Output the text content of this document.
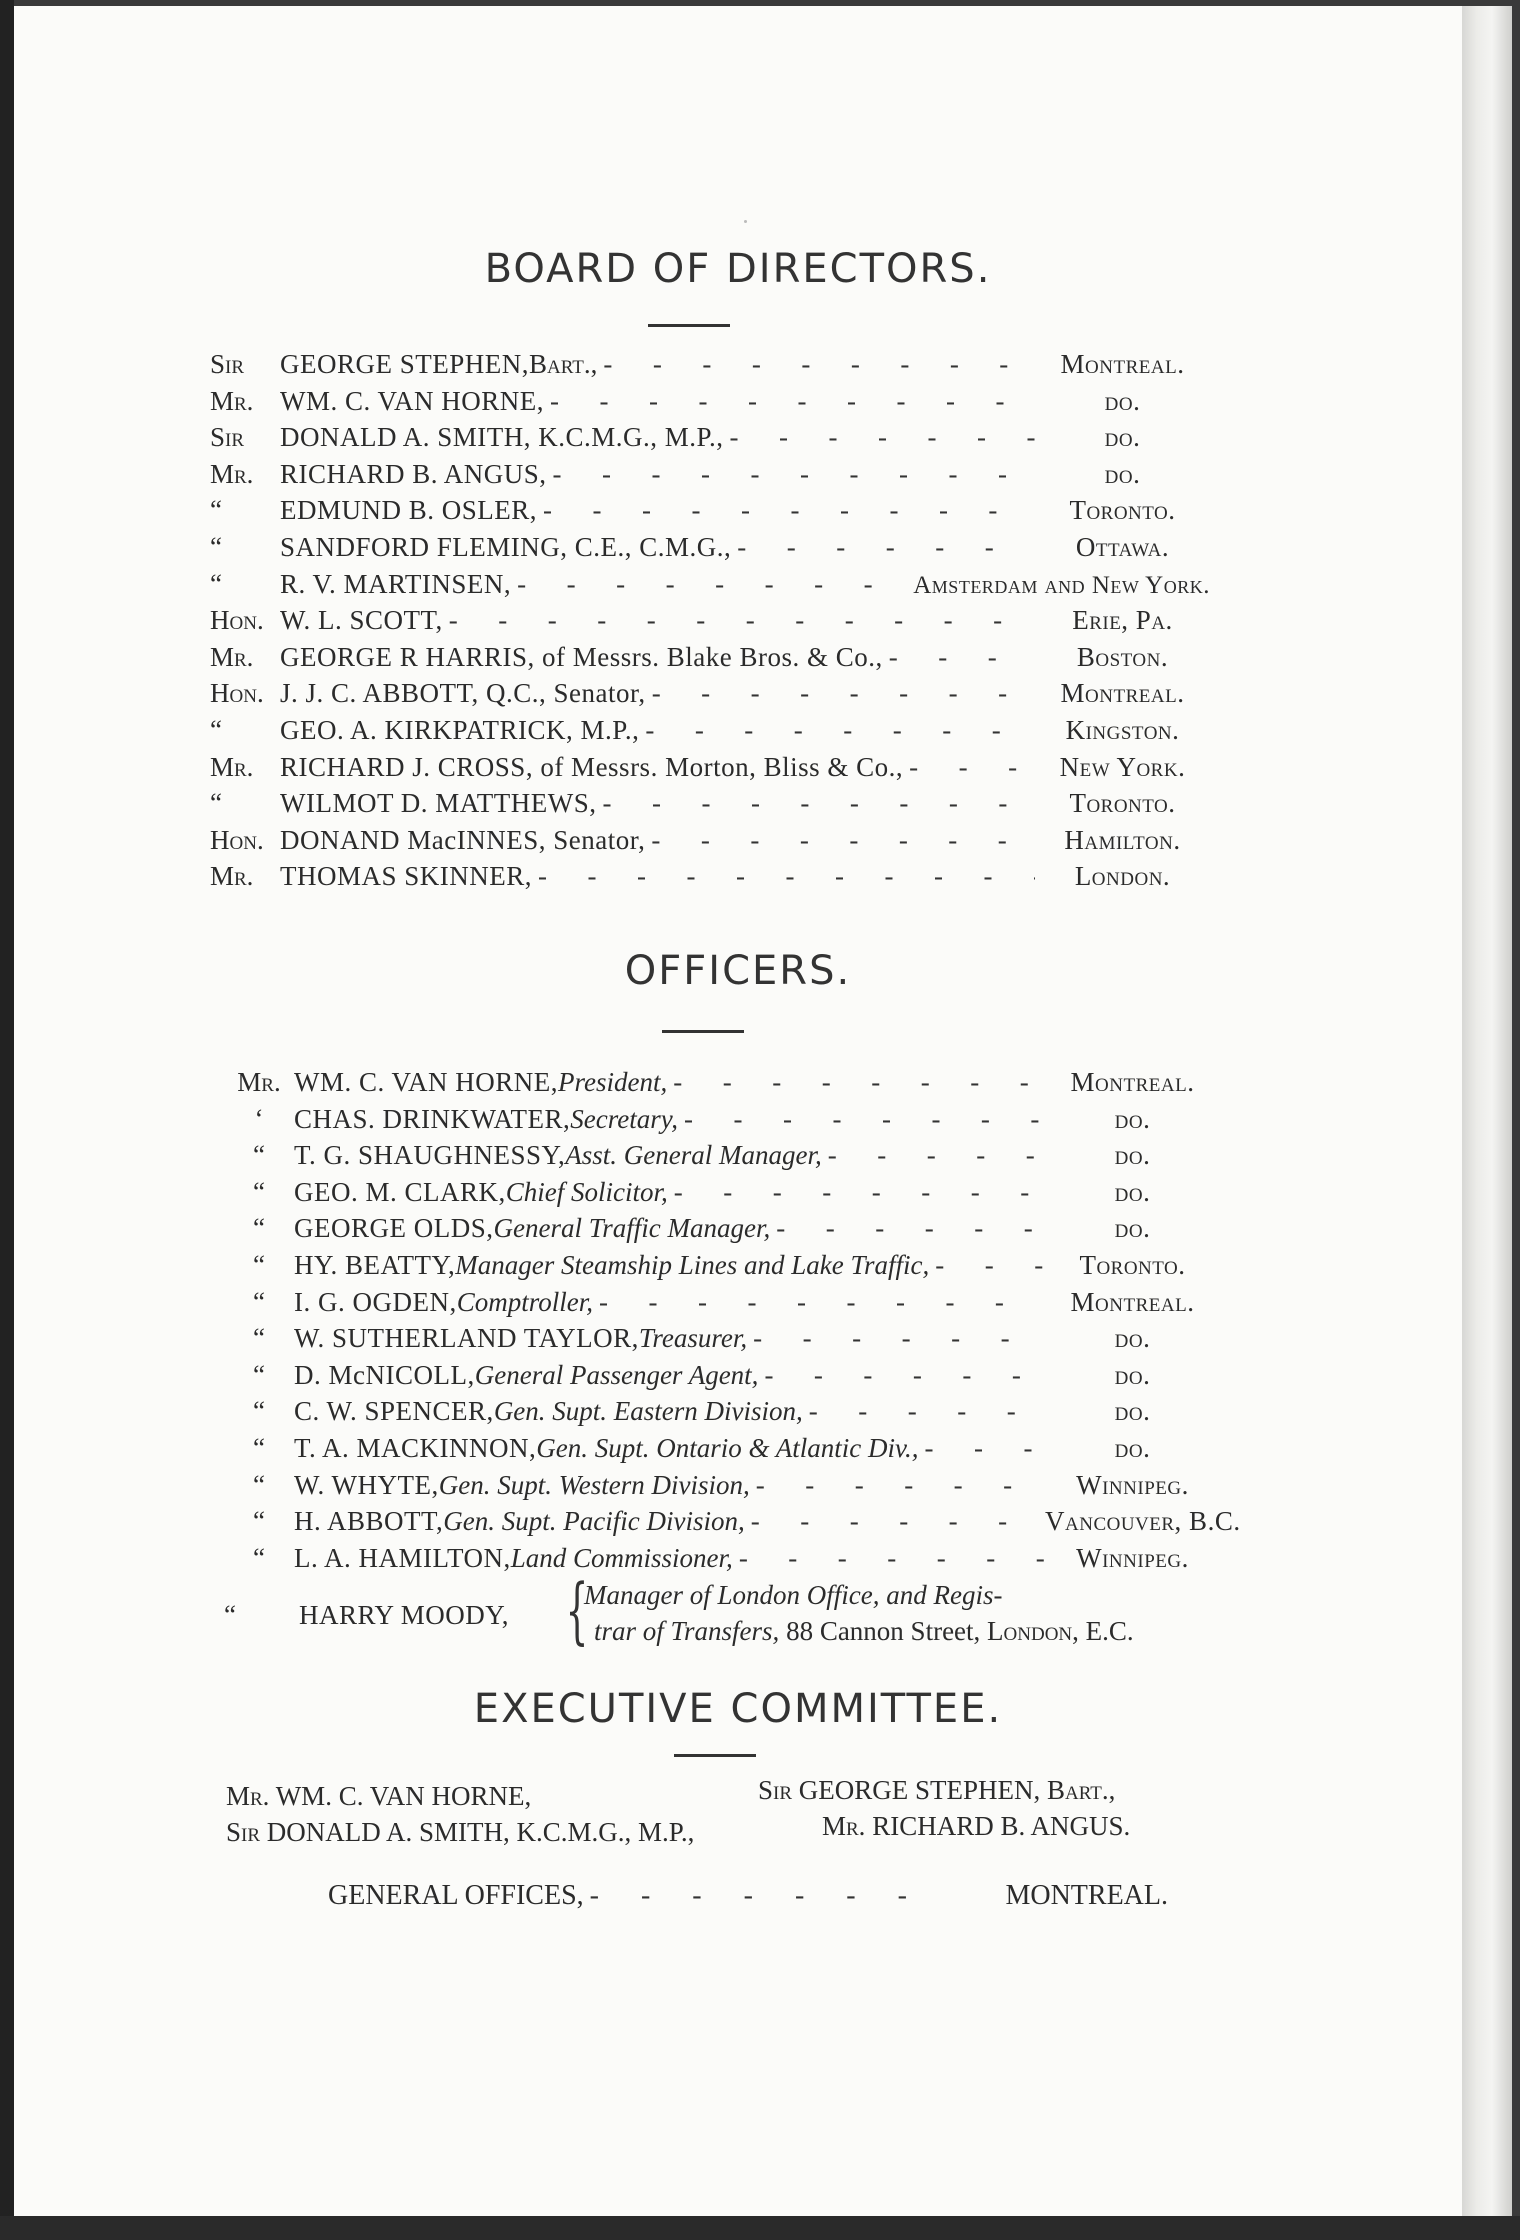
BOARD OF DIRECTORS.
Sir	GEORGE STEPHEN, Bart., -	Montreal.
Mr. WM. C. VAN HORNE, -	do.
Sir	DONALD A. SMITH, K.C.M.G., M.P., -	do.
Mr. RICHARD B. ANGUS, -	do.
“	EDMUND B. OSLER, -	Toronto.
“	SANDFORD FLEMING, C.E., C.M.G., -	Ottawa.
“	R. V. MARTINSEN, -	Amsterdam and New York.
Hon. W. L. SCOTT, -	Erie, Pa.
Mr. GEORGE R HARRIS, of Messrs. Blake Bros. & Co., -	Boston.
Hon. J. J. C. ABBOTT, Q.C., Senator, -	Montreal.
“	GEO. A. KIRKPATRICK, M.P., -	Kingston.
Mr. RICHARD J. CROSS, of Messrs. Morton, Bliss & Co., -	New York.
“	WILMOT D. MATTHEWS, -	Toronto.
Hon. DONAND MacINNES, Senator, -	Hamilton.
Mr. THOMAS SKINNER, -	London.
OFFICERS.
Mr. WM. C. VAN HORNE, President, -	Montreal.
‘	CHAS. DRINKWATER, Secretary, -	do.
“	T. G. SHAUGHNESSY, Asst. General Manager, -	do.
“	GEO. M. CLARK, Chief Solicitor, -	do.
“	GEORGE OLDS, General Traffic Manager, -	do.
“	HY. BEATTY, Manager Steamship Lines and Lake Traffic, -	Toronto.
“	I. G. OGDEN, Comptroller, -	Montreal.
“	W. SUTHERLAND TAYLOR, Treasurer, -	do.
“	D. McNICOLL, General Passenger Agent, -	do.
“	C. W. SPENCER, Gen. Supt. Eastern Division, -	do.
“	T. A. MACKINNON, Gen. Supt. Ontario & Atlantic Div., -	do.
“	W. WHYTE, Gen. Supt. Western Division, -	Winnipeg.
“	H. ABBOTT, Gen. Supt. Pacific Division, -	Vancouver, B.C.
“	L. A. HAMILTON, Land Commissioner, -	Winnipeg.
“	HARRY MOODY, {
Manager of London Office, and Regis-
trar of Transfers, 88 Cannon Street, London, E.C.
EXECUTIVE COMMITTEE.
Mr. WM. C. VAN HORNE,	Sir GEORGE STEPHEN, Bart.,
Sir DONALD A. SMITH, K.C.M.G., M.P.,	Mr. RICHARD B. ANGUS.
GENERAL OFFICES, -	MONTREAL.
